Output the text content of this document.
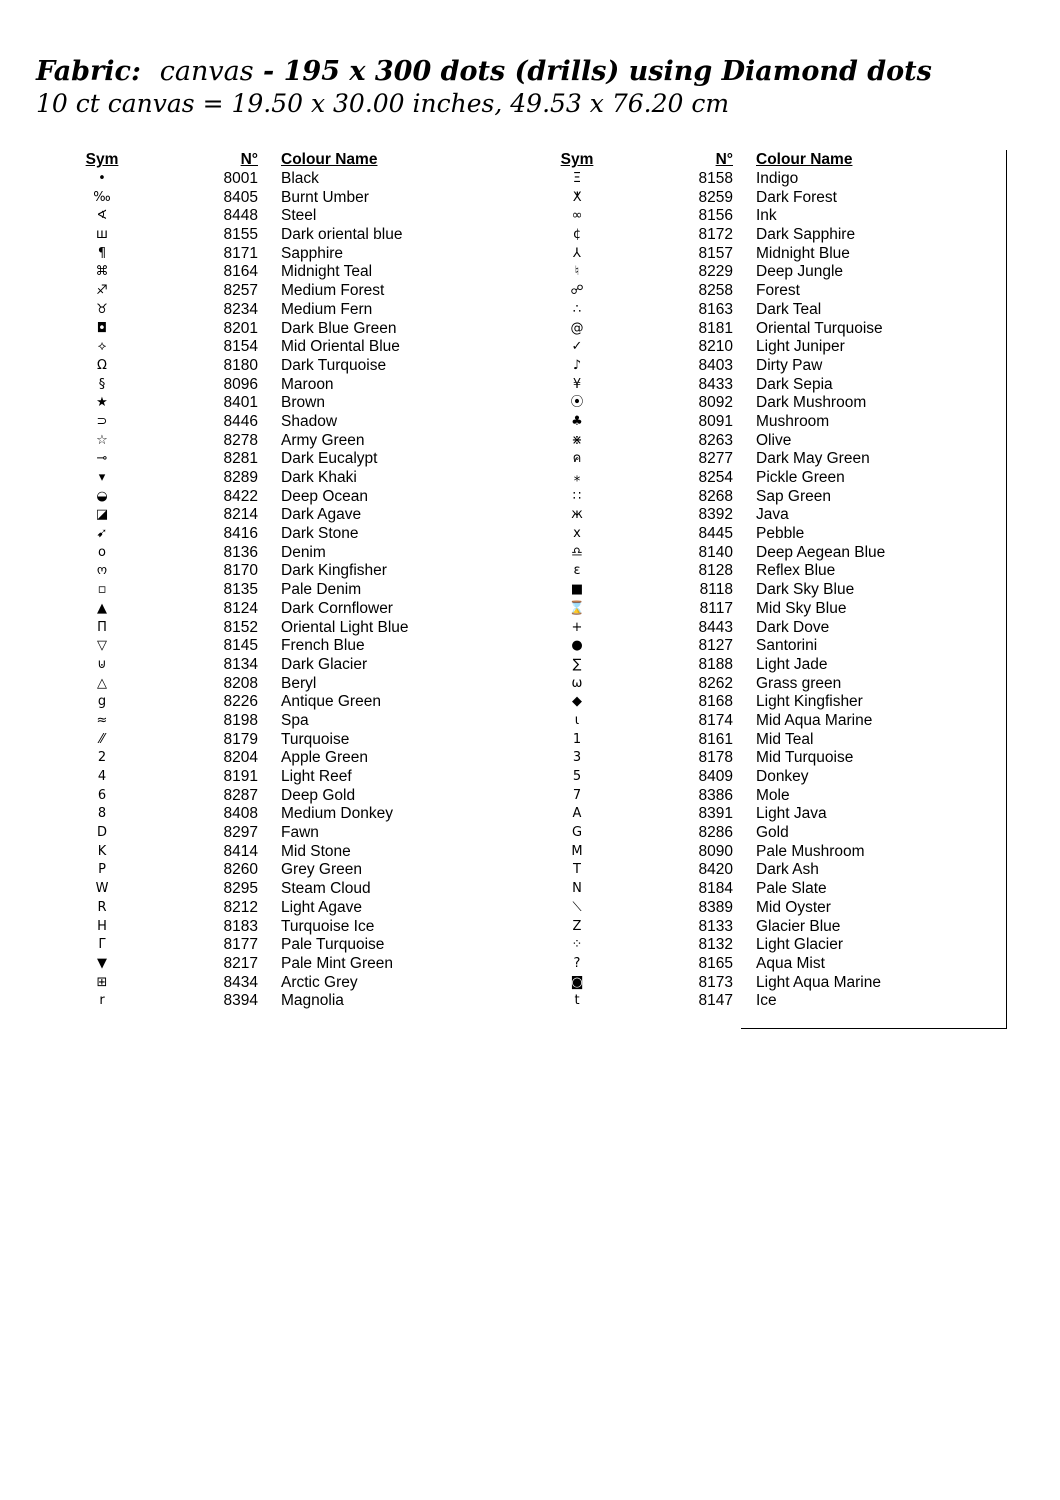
Fabric: canvas - 195 x 300 dots (drills) using Diamond dots
10 ct canvas = 19.50 x 30.00 inches, 49.53 x 76.20 cm
Sym	N° Colour Name
•	8001 Black
‰	8405 Burnt Umber
∢	8448 Steel
ш	8155 Dark oriental blue
¶	8171 Sapphire
⌘	8164 Midnight Teal
♐	8257 Medium Forest
♉	8234 Medium Fern
◘	8201 Dark Blue Green
⟡	8154 Mid Oriental Blue
Ω	8180 Dark Turquoise
§	8096 Maroon
★	8401 Brown
⊃	8446 Shadow
☆	8278 Army Green
⊸	8281 Dark Eucalypt
▾	8289 Dark Khaki
◒	8422 Deep Ocean
◪	8214 Dark Agave
➹	8416 Dark Stone
o	8136 Denim
ო	8170 Dark Kingfisher
▫	8135 Pale Denim
▲	8124 Dark Cornflower
П	8152 Oriental Light Blue
▽	8145 French Blue
⊍	8134 Dark Glacier
△	8208 Beryl
g	8226 Antique Green
≈	8198 Spa
⁄⁄	8179 Turquoise
2	8204 Apple Green
4	8191 Light Reef
6	8287 Deep Gold
8	8408 Medium Donkey
D	8297 Fawn
K	8414 Mid Stone
P	8260 Grey Green
W	8295 Steam Cloud
R	8212 Light Agave
H	8183 Turquoise Ice
Γ	8177 Pale Turquoise
▼	8217 Pale Mint Green
⊞	8434 Arctic Grey
r	8394 Magnolia
Sym	N° Colour Name
Ξ	8158 Indigo
ⵅ	8259 Dark Forest
∞	8156 Ink
¢	8172 Dark Sapphire
⅄	8157 Midnight Blue
♮	8229 Deep Jungle
☍	8258 Forest
∴	8163 Dark Teal
@	8181 Oriental Turquoise
✓	8210 Light Juniper
♪	8403 Dirty Paw
¥	8433 Dark Sepia
⦿	8092 Dark Mushroom
♣	8091 Mushroom
⋇	8263 Olive
ค	8277 Dark May Green
⁎	8254 Pickle Green
∷	8268 Sap Green
ж	8392 Java
x	8445 Pebble
♎	8140 Deep Aegean Blue
ɛ	8128 Reflex Blue
■	8118 Dark Sky Blue
⌛	8117 Mid Sky Blue
+	8443 Dark Dove
●	8127 Santorini
∑	8188 Light Jade
ω	8262 Grass green
◆	8168 Light Kingfisher
ɩ	8174 Mid Aqua Marine
1	8161 Mid Teal
3	8178 Mid Turquoise
5	8409 Donkey
7	8386 Mole
A	8391 Light Java
G	8286 Gold
M	8090 Pale Mushroom
T	8420 Dark Ash
N	8184 Pale Slate
⟍	8389 Mid Oyster
Z	8133 Glacier Blue
⁘	8132 Light Glacier
?	8165 Aqua Mist
◙	8173 Light Aqua Marine
t	8147 Ice
